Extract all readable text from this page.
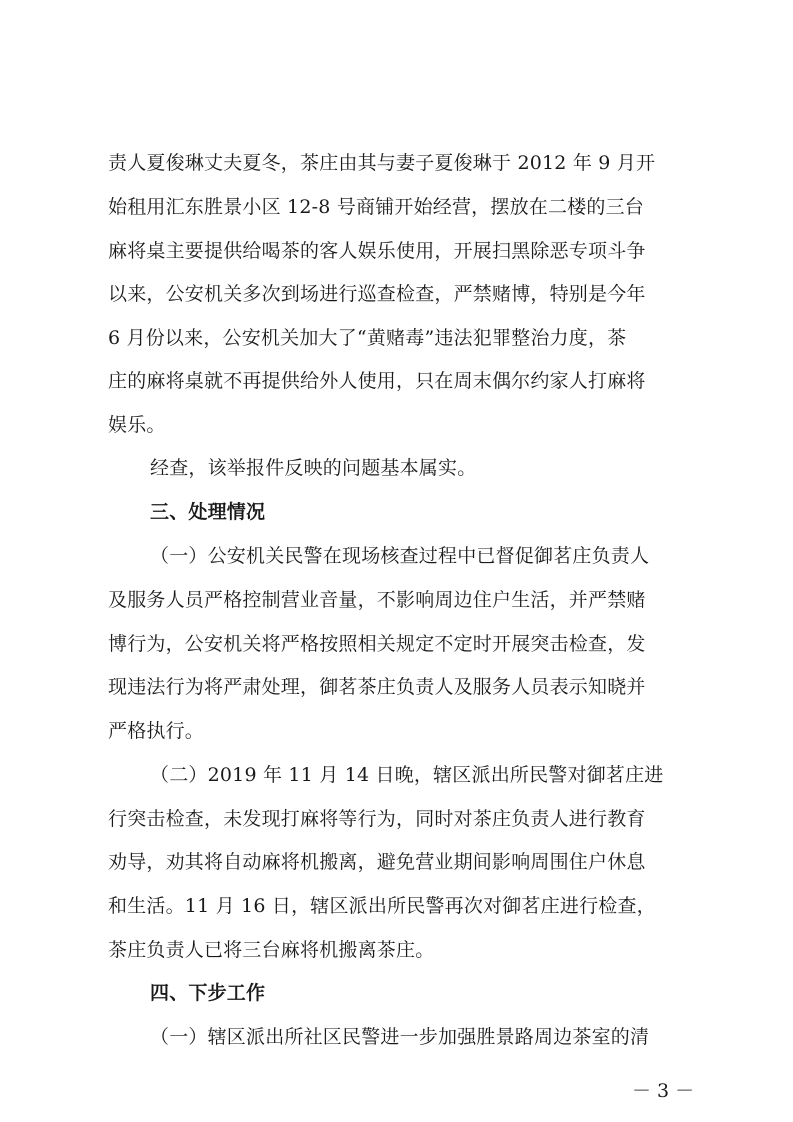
责人夏俊琳丈夫夏冬，茶庄由其与妻子夏俊琳于 2012 年 9 月开
始租用汇东胜景小区 12-8 号商铺开始经营，摆放在二楼的三台
麻将桌主要提供给喝茶的客人娱乐使用，开展扫黑除恶专项斗争
以来，公安机关多次到场进行巡查检查，严禁赌博，特别是今年
6 月份以来，公安机关加大了“黄赌毒”违法犯罪整治力度，茶
庄的麻将桌就不再提供给外人使用，只在周末偶尔约家人打麻将
娱乐。
经查，该举报件反映的问题基本属实。
三、处理情况
（一）公安机关民警在现场核查过程中已督促御茗庄负责人
及服务人员严格控制营业音量，不影响周边住户生活，并严禁赌
博行为，公安机关将严格按照相关规定不定时开展突击检查，发
现违法行为将严肃处理，御茗茶庄负责人及服务人员表示知晓并
严格执行。
（二）2019 年 11 月 14 日晚，辖区派出所民警对御茗庄进
行突击检查，未发现打麻将等行为，同时对茶庄负责人进行教育
劝导，劝其将自动麻将机搬离，避免营业期间影响周围住户休息
和生活。11 月 16 日，辖区派出所民警再次对御茗庄进行检查，
茶庄负责人已将三台麻将机搬离茶庄。
四、下步工作
（一）辖区派出所社区民警进一步加强胜景路周边茶室的清
－ 3 －
